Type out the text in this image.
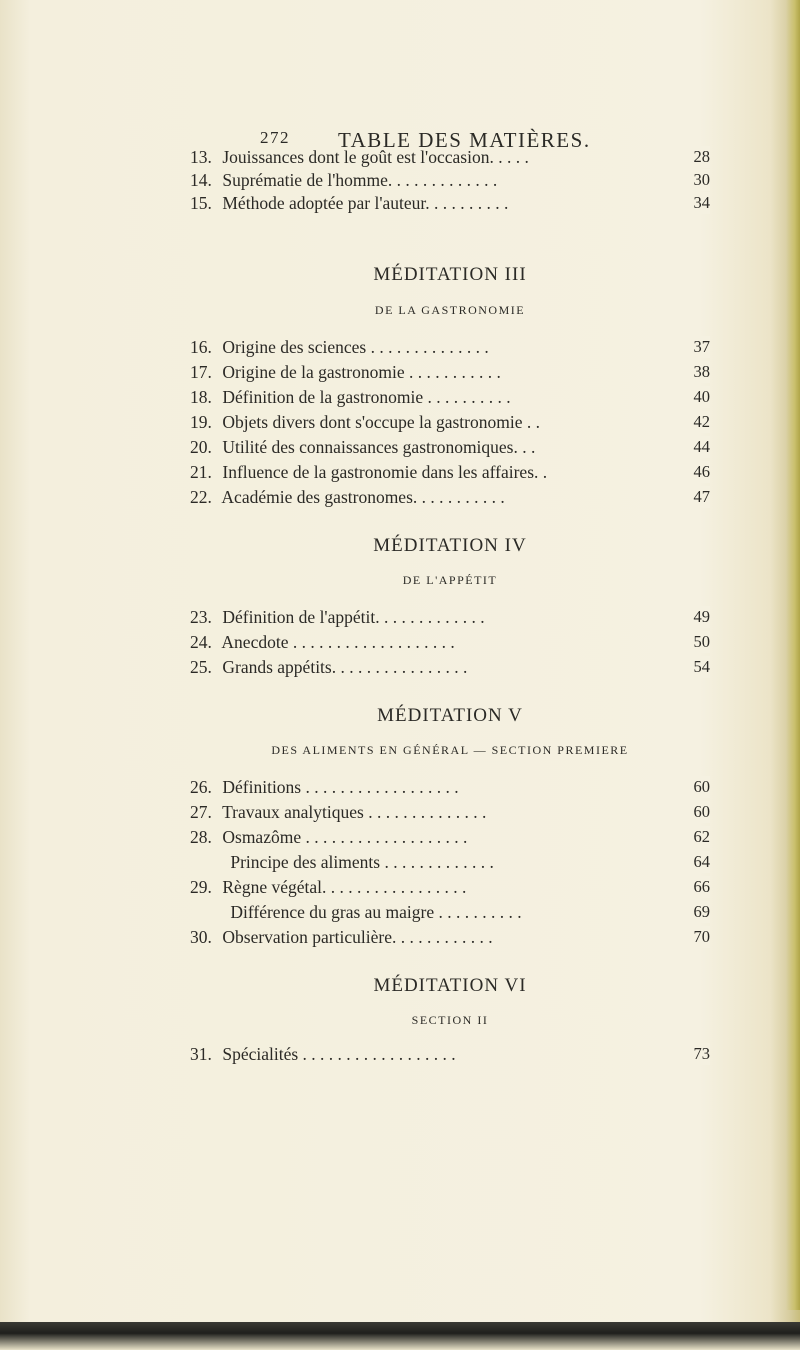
272 TABLE DES MATIÈRES.
13. Jouissances dont le goût est l'occasion. . . . .	28
14. Suprématie de l'homme. . . . . . . . . . . . .	30
15. Méthode adoptée par l'auteur. . . . . . . . . .	34
MÉDITATION III
DE LA GASTRONOMIE
16. Origine des sciences . . . . . . . . . . . . . .	37
17. Origine de la gastronomie . . . . . . . . . . .	38
18. Définition de la gastronomie . . . . . . . . . .	40
19. Objets divers dont s'occupe la gastronomie . .	42
20. Utilité des connaissances gastronomiques. . .	44
21. Influence de la gastronomie dans les affaires. .	46
22. Académie des gastronomes. . . . . . . . . . .	47
MÉDITATION IV
DE L'APPÉTIT
23. Définition de l'appétit. . . . . . . . . . . . .	49
24. Anecdote . . . . . . . . . . . . . . . . . . .	50
25. Grands appétits. . . . . . . . . . . . . . . .	54
MÉDITATION V
DES ALIMENTS EN GÉNÉRAL — SECTION PREMIERE
26. Définitions . . . . . . . . . . . . . . . . . .	60
27. Travaux analytiques . . . . . . . . . . . . . .	60
28. Osmazôme . . . . . . . . . . . . . . . . . . .	62
Principe des aliments . . . . . . . . . . . . .	64
29. Règne végétal. . . . . . . . . . . . . . . . .	66
Différence du gras au maigre . . . . . . . . . .	69
30. Observation particulière. . . . . . . . . . . .	70
MÉDITATION VI
SECTION II
31. Spécialités . . . . . . . . . . . . . . . . . .	73
